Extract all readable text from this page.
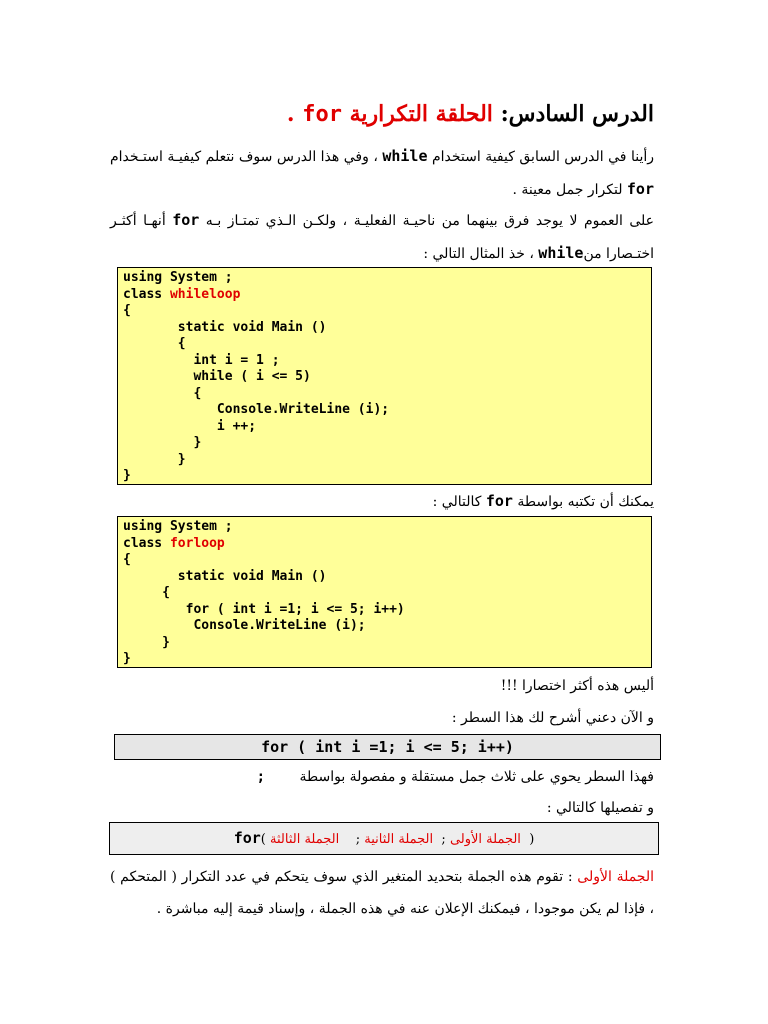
الدرس السادس: الحلقة التكرارية for .
رأينا في الدرس السابق كيفية استخدام while ، وفي هذا الدرس سوف نتعلم كيفيـة استـخدام for لتكرار جمل معينة .
على العموم لا يوجد فرق بينهما من ناحيـة الفعليـة ، ولكـن الـذي تمتـاز بـه for أنهـا أكثـر اختـصارا منwhile ، خذ المثال التالي :
using System ;
class whileloop
{
static void Main ()
{
int i = 1 ;
while ( i <= 5)
{
Console.WriteLine (i);
i ++;
}
}
}
يمكنك أن تكتبه بواسطة for كالتالي :
using System ;
class forloop
{
static void Main ()
{
for ( int i =1; i <= 5; i++)
Console.WriteLine (i);
}
}
أليس هذه أكثر اختصارا !!!
و الآن دعني أشرح لك هذا السطر :
for ( int i =1; i <= 5; i++)
فهذا السطر يحوي على ثلاث جمل مستقلة و مفصولة بواسطة ;
و تفصيلها كالتالي :
for(	الجملة الأولى ;  الجملة الثانية ;    الجملة الثالثة	)
الجملة الأولى : تقوم هذه الجملة بتحديد المتغير الذي سوف يتحكم في عدد التكرار ( المتحكم ) ، فإذا لم يكن موجودا ، فيمكنك الإعلان عنه في هذه الجملة ، وإسناد قيمة إليه مباشرة .
